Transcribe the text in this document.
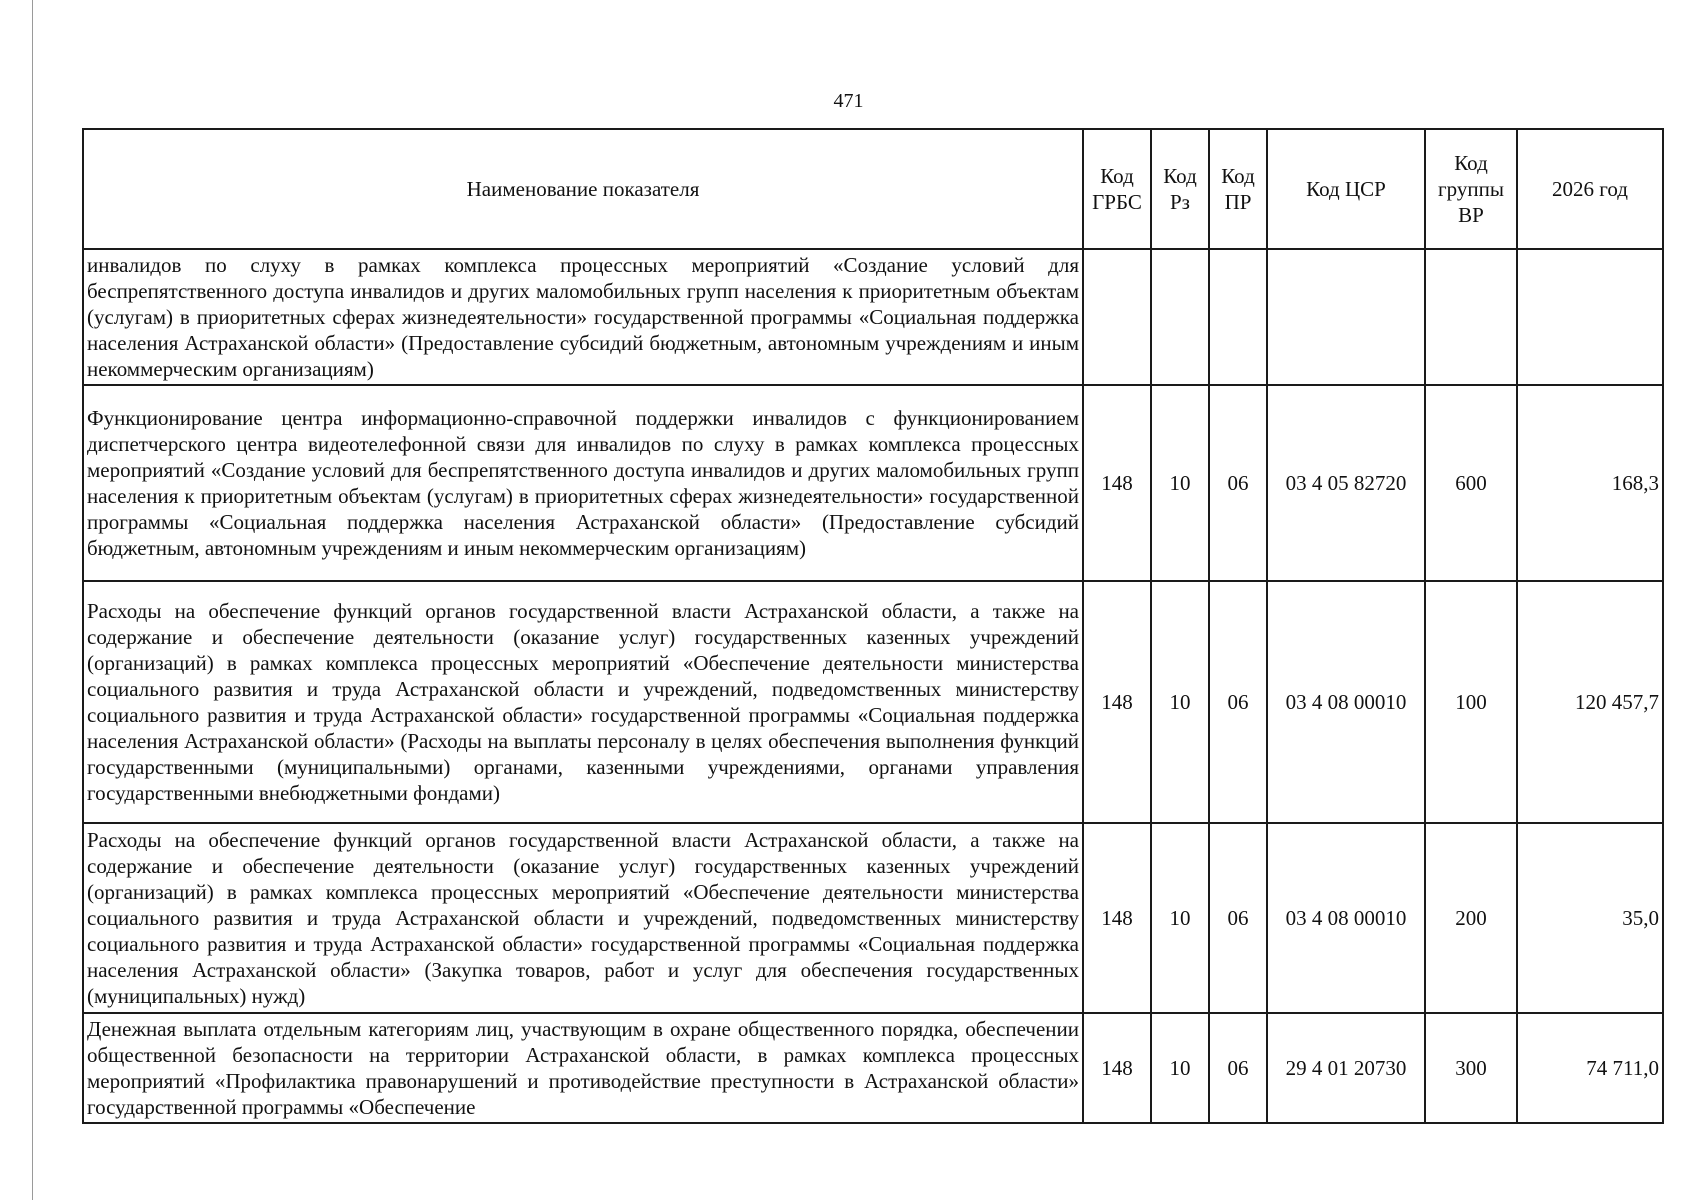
471
Наименование показателя	Код ГРБС	Код Рз	Код ПР	Код ЦСР	Код группы ВР	2026 год
инвалидов по слуху в рамках комплекса процессных мероприятий «Создание условий для беспрепятственного доступа инвалидов и других маломобильных групп населения к приоритетным объектам (услугам) в приоритетных сферах жизнедеятельности» государственной программы «Социальная поддержка населения Астраханской области» (Предоставление субсидий бюджетным, автономным учреждениям и иным некоммерческим организациям)						
Функционирование центра информационно-справочной поддержки инвалидов с функционированием диспетчерского центра видеотелефонной связи для инвалидов по слуху в рамках комплекса процессных мероприятий «Создание условий для беспрепятственного доступа инвалидов и других маломобильных групп населения к приоритетным объектам (услугам) в приоритетных сферах жизнедеятельности» государственной программы «Социальная поддержка населения Астраханской области» (Предоставление субсидий бюджетным, автономным учреждениям и иным некоммерческим организациям)	148	10	06	03 4 05 82720	600	168,3
Расходы на обеспечение функций органов государственной власти Астраханской области, а также на содержание и обеспечение деятельности (оказание услуг) государственных казенных учреждений (организаций) в рамках комплекса процессных мероприятий «Обеспечение деятельности министерства социального развития и труда Астраханской области и учреждений, подведомственных министерству социального развития и труда Астраханской области» государственной программы «Социальная поддержка населения Астраханской области» (Расходы на выплаты персоналу в целях обеспечения выполнения функций государственными (муниципальными) органами, казенными учреждениями, органами управления государственными внебюджетными фондами)	148	10	06	03 4 08 00010	100	120 457,7
Расходы на обеспечение функций органов государственной власти Астраханской области, а также на содержание и обеспечение деятельности (оказание услуг) государственных казенных учреждений (организаций) в рамках комплекса процессных мероприятий «Обеспечение деятельности министерства социального развития и труда Астраханской области и учреждений, подведомственных министерству социального развития и труда Астраханской области» государственной программы «Социальная поддержка населения Астраханской области» (Закупка товаров, работ и услуг для обеспечения государственных (муниципальных) нужд)	148	10	06	03 4 08 00010	200	35,0
Денежная выплата отдельным категориям лиц, участвующим в охране общественного порядка, обеспечении общественной безопасности на территории Астраханской области, в рамках комплекса процессных мероприятий «Профилактика правонарушений и противодействие преступности в Астраханской области» государственной программы «Обеспечение	148	10	06	29 4 01 20730	300	74 711,0
